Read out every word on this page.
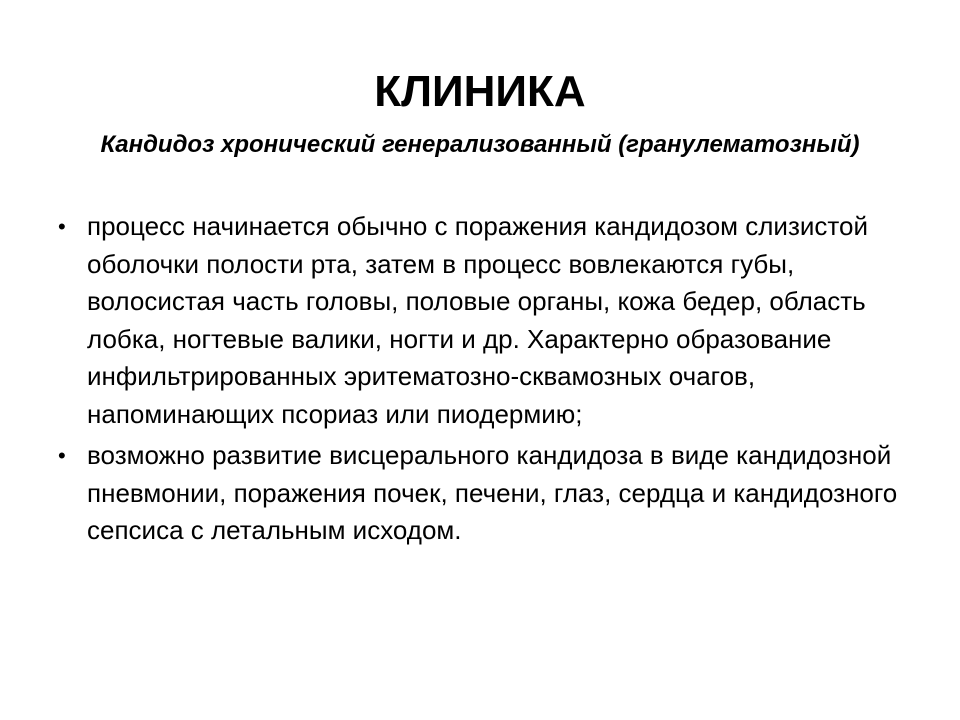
КЛИНИКА
Кандидоз хронический генерализованный (гранулематозный)
• процесс начинается обычно с поражения кандидозом слизистой оболочки полости рта, затем в процесс вовлекаются губы, волосистая часть головы, половые органы, кожа бедер, область лобка, ногтевые валики, ногти и др. Характерно образование инфильтрированных эритематозно-сквамозных очагов, напоминающих псориаз или пиодермию;
• возможно развитие висцерального кандидоза в виде кандидозной пневмонии, поражения почек, печени, глаз, сердца и кандидозного сепсиса с летальным исходом.
